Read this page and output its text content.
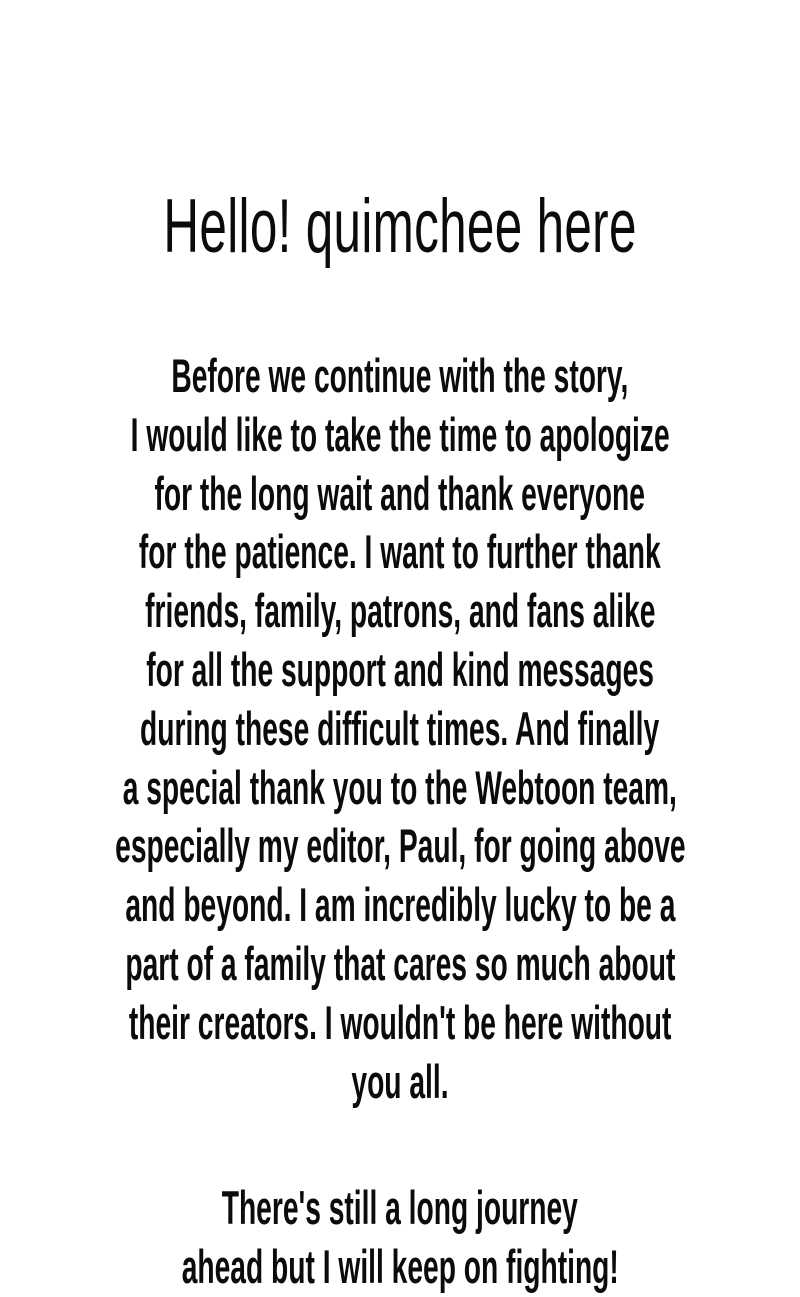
Hello! quimchee here
Before we continue with the story,
I would like to take the time to apologize
for the long wait and thank everyone
for the patience. I want to further thank
friends, family, patrons, and fans alike
for all the support and kind messages
during these difficult times. And finally
a special thank you to the Webtoon team,
especially my editor, Paul, for going above
and beyond. I am incredibly lucky to be a
part of a family that cares so much about
their creators. I wouldn't be here without
you all.
There's still a long journey
ahead but I will keep on fighting!
